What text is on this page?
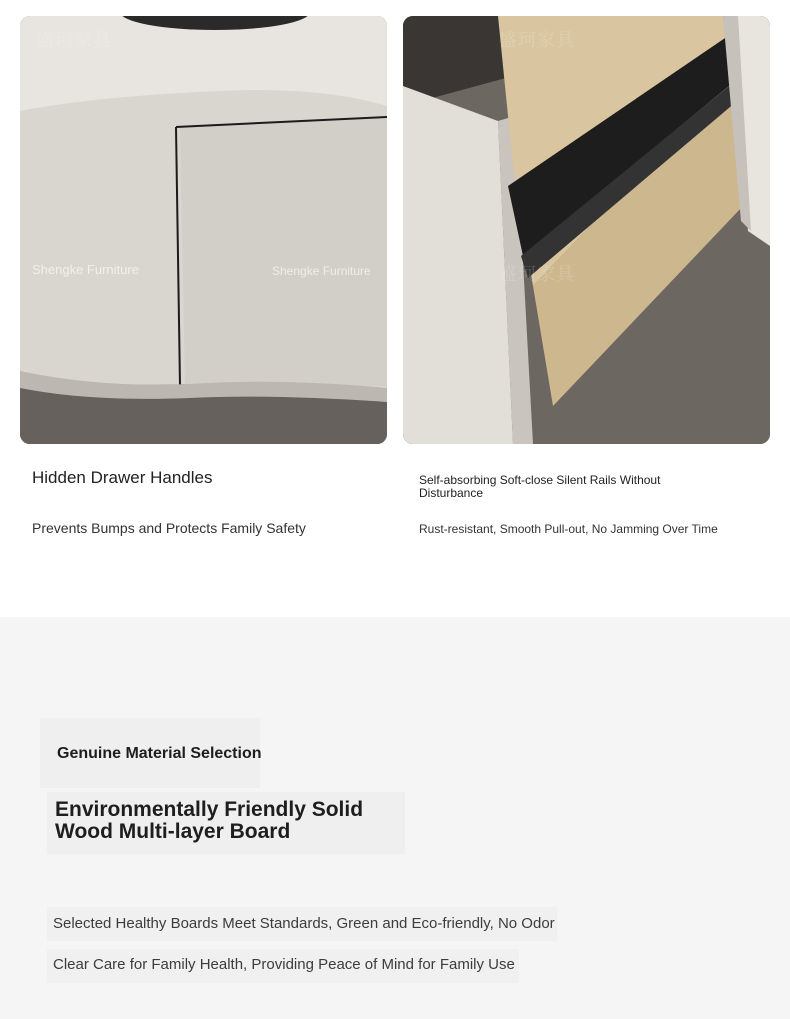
Shengke Furniture	Shengke Furniture
盛珂家具	盛珂家具
盛珂家具
Hidden Drawer Handles
Prevents Bumps and Protects Family Safety
Self-absorbing Soft-close Silent Rails Without Disturbance
Rust-resistant, Smooth Pull-out, No Jamming Over Time
Genuine Material Selection
Environmentally Friendly Solid Wood Multi-layer Board
Selected Healthy Boards Meet Standards, Green and Eco-friendly, No Odor
Clear Care for Family Health, Providing Peace of Mind for Family Use
